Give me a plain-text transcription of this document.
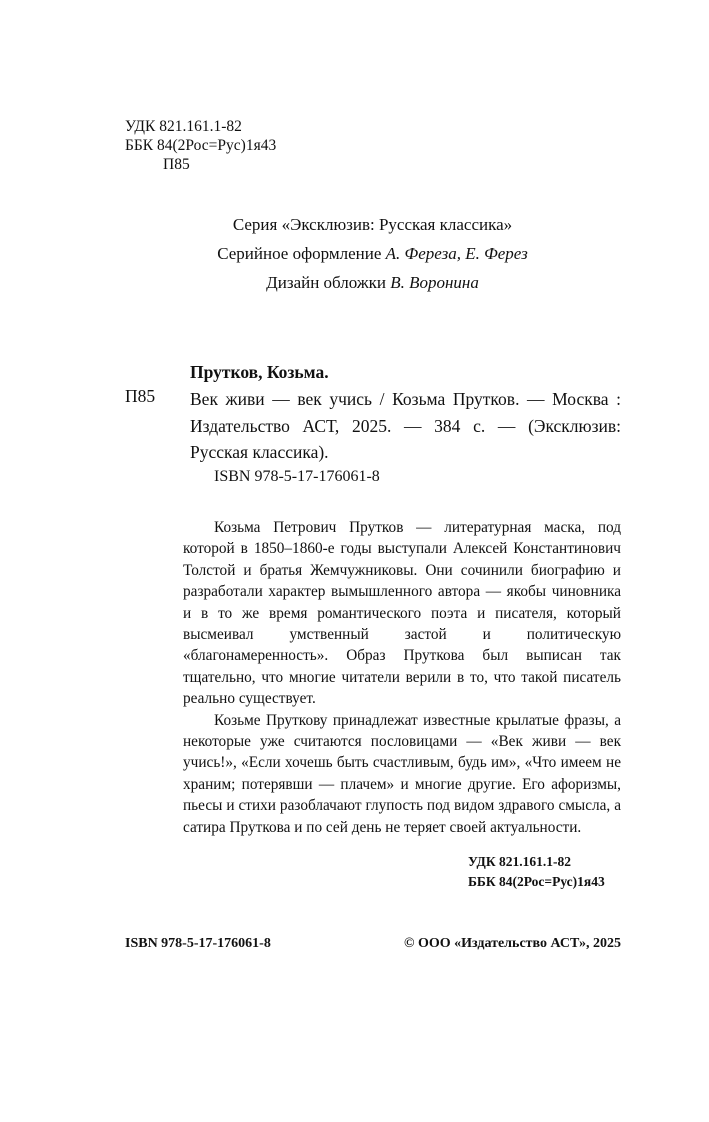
УДК 821.161.1-82
ББК 84(2Рос=Рус)1я43
П85
Серия «Эксклюзив: Русская классика»
Серийное оформление А. Фереза, Е. Ферез
Дизайн обложки В. Воронина
Прутков, Козьма.
П85 Век живи — век учись / Козьма Прутков. — Москва : Издательство АСТ, 2025. — 384 с. — (Эксклюзив: Русская классика).
ISBN 978-5-17-176061-8

Козьма Петрович Прутков — литературная маска, под которой в 1850–1860-е годы выступали Алексей Константинович Толстой и братья Жемчужниковы. Они сочинили биографию и разработали характер вымышленного автора — якобы чиновника и в то же время романтического поэта и писателя, который высмеивал умственный застой и политическую «благонамеренность». Образ Пруткова был выписан так тщательно, что многие читатели верили в то, что такой писатель реально существует.

Козьме Пруткову принадлежат известные крылатые фразы, а некоторые уже считаются пословицами — «Век живи — век учись!», «Если хочешь быть счастливым, будь им», «Что имеем не храним; потерявши — плачем» и многие другие. Его афоризмы, пьесы и стихи разоблачают глупость под видом здравого смысла, а сатира Пруткова и по сей день не теряет своей актуальности.

УДК 821.161.1-82
ББК 84(2Рос=Рус)1я43
ISBN 978-5-17-176061-8	© ООО «Издательство АСТ», 2025
